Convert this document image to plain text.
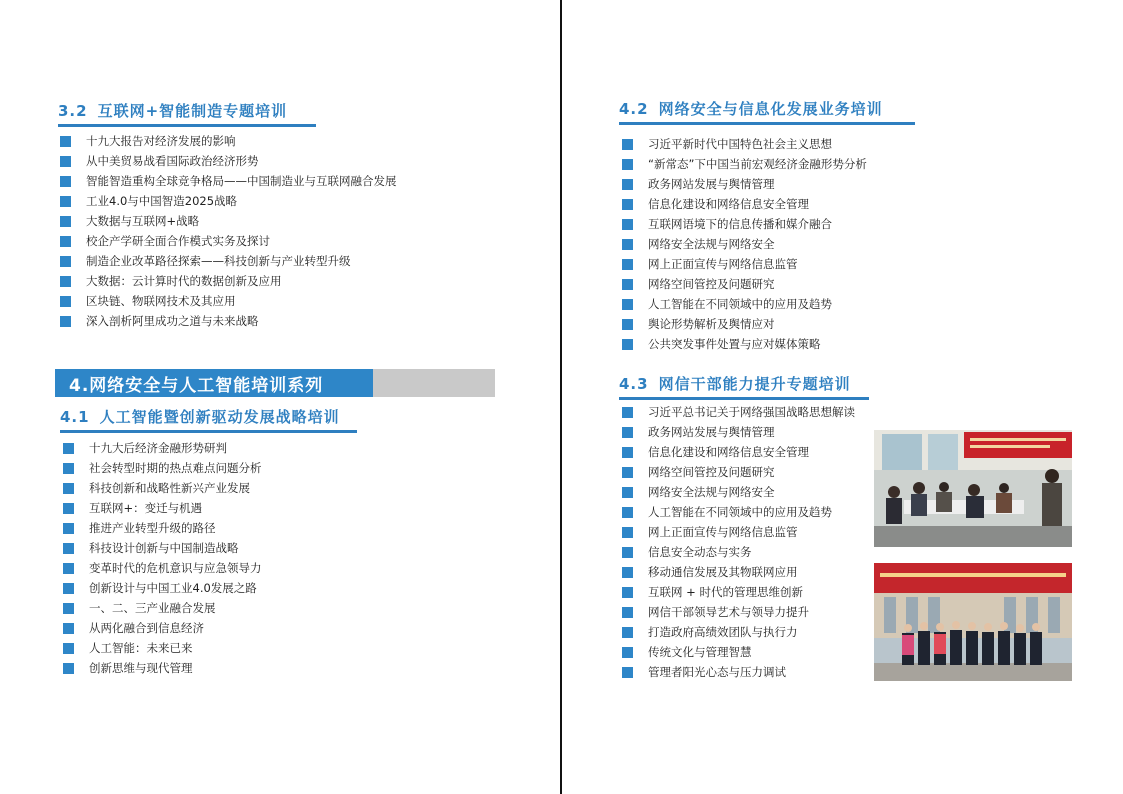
3.2 互联网+智能制造专题培训
十九大报告对经济发展的影响
从中美贸易战看国际政治经济形势
智能智造重构全球竞争格局——中国制造业与互联网融合发展
工业4.0与中国智造2025战略
大数据与互联网+战略
校企产学研全面合作模式实务及探讨
制造企业改革路径探索——科技创新与产业转型升级
大数据：云计算时代的数据创新及应用
区块链、物联网技术及其应用
深入剖析阿里成功之道与未来战略
4.网络安全与人工智能培训系列
4.1 人工智能暨创新驱动发展战略培训
十九大后经济金融形势研判
社会转型时期的热点难点问题分析
科技创新和战略性新兴产业发展
互联网+：变迁与机遇
推进产业转型升级的路径
科技设计创新与中国制造战略
变革时代的危机意识与应急领导力
创新设计与中国工业4.0发展之路
一、二、三产业融合发展
从两化融合到信息经济
人工智能：未来已来
创新思维与现代管理
4.2 网络安全与信息化发展业务培训
习近平新时代中国特色社会主义思想
“新常态”下中国当前宏观经济金融形势分析
政务网站发展与舆情管理
信息化建设和网络信息安全管理
互联网语境下的信息传播和媒介融合
网络安全法规与网络安全
网上正面宣传与网络信息监管
网络空间管控及问题研究
人工智能在不同领域中的应用及趋势
舆论形势解析及舆情应对
公共突发事件处置与应对媒体策略
4.3 网信干部能力提升专题培训
习近平总书记关于网络强国战略思想解读
政务网站发展与舆情管理
信息化建设和网络信息安全管理
网络空间管控及问题研究
网络安全法规与网络安全
人工智能在不同领域中的应用及趋势
网上正面宣传与网络信息监管
信息安全动态与实务
移动通信发展及其物联网应用
互联网 + 时代的管理思维创新
网信干部领导艺术与领导力提升
打造政府高绩效团队与执行力
传统文化与管理智慧
管理者阳光心态与压力调试
